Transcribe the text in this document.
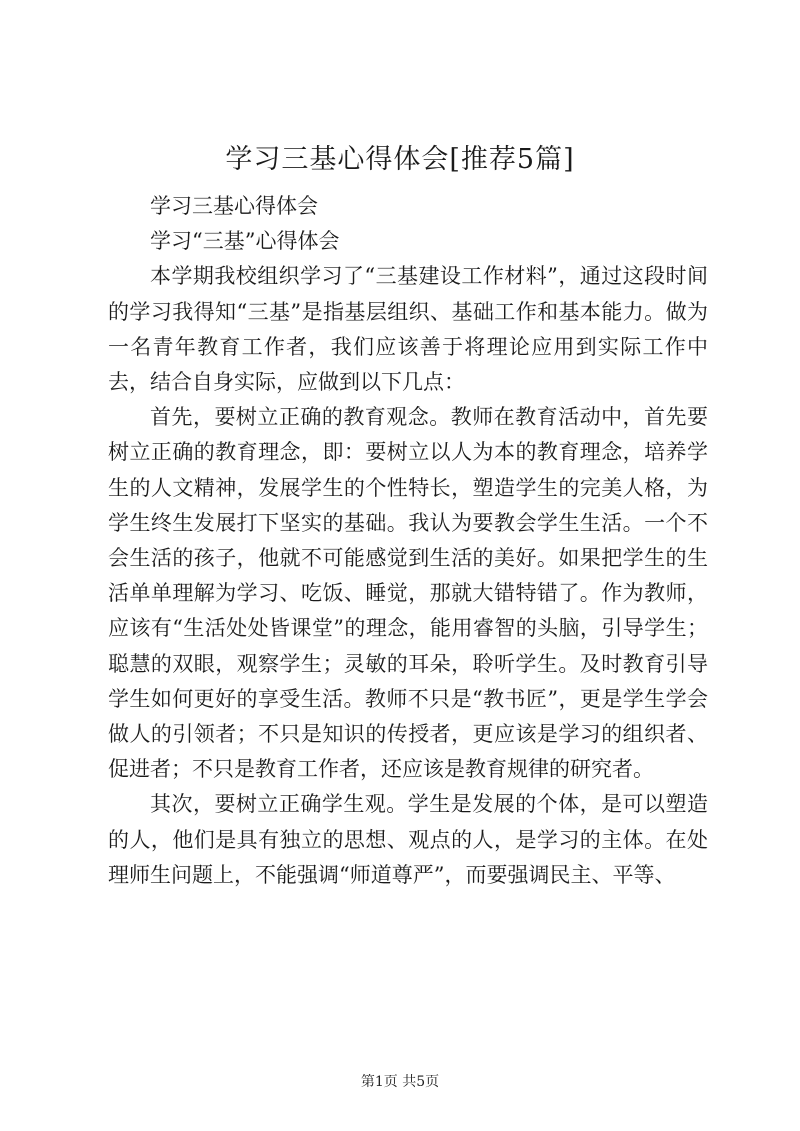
学习三基心得体会[推荐5篇]

学习三基心得体会

学习“三基”心得体会

本学期我校组织学习了“三基建设工作材料”，通过这段时间的学习我得知“三基”是指基层组织、基础工作和基本能力。做为一名青年教育工作者，我们应该善于将理论应用到实际工作中去，结合自身实际，应做到以下几点：

首先，要树立正确的教育观念。教师在教育活动中，首先要树立正确的教育理念，即：要树立以人为本的教育理念，培养学生的人文精神，发展学生的个性特长，塑造学生的完美人格，为学生终生发展打下坚实的基础。我认为要教会学生生活。一个不会生活的孩子，他就不可能感觉到生活的美好。如果把学生的生活单单理解为学习、吃饭、睡觉，那就大错特错了。作为教师，应该有“生活处处皆课堂”的理念，能用睿智的头脑，引导学生；聪慧的双眼，观察学生；灵敏的耳朵，聆听学生。及时教育引导学生如何更好的享受生活。教师不只是“教书匠”，更是学生学会做人的引领者；不只是知识的传授者，更应该是学习的组织者、促进者；不只是教育工作者，还应该是教育规律的研究者。

其次，要树立正确学生观。学生是发展的个体，是可以塑造的人，他们是具有独立的思想、观点的人，是学习的主体。在处理师生问题上，不能强调“师道尊严”，而要强调民主、平等、

第1页 共5页
